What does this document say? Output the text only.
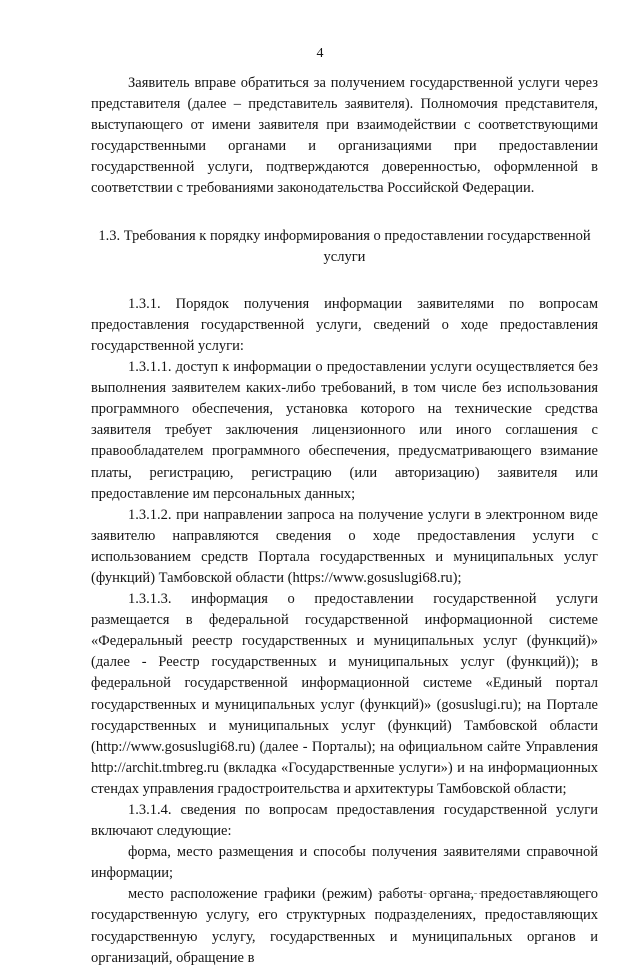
4

Заявитель вправе обратиться за получением государственной услуги через представителя (далее – представитель заявителя). Полномочия представителя, выступающего от имени заявителя при взаимодействии с соответствующими государственными органами и организациями при предоставлении государственной услуги, подтверждаются доверенностью, оформленной в соответствии с требованиями законодательства Российской Федерации.

1.3. Требования к порядку информирования о предоставлении государственной услуги

1.3.1. Порядок получения информации заявителями по вопросам предоставления государственной услуги, сведений о ходе предоставления государственной услуги:

1.3.1.1. доступ к информации о предоставлении услуги осуществляется без выполнения заявителем каких-либо требований, в том числе без использования программного обеспечения, установка которого на технические средства заявителя требует заключения лицензионного или иного соглашения с правообладателем программного обеспечения, предусматривающего взимание платы, регистрацию, регистрацию (или авторизацию) заявителя или предоставление им персональных данных;

1.3.1.2. при направлении запроса на получение услуги в электронном виде заявителю направляются сведения о ходе предоставления услуги с использованием средств Портала государственных и муниципальных услуг (функций) Тамбовской области (https://www.gosuslugi68.ru);

1.3.1.3. информация о предоставлении государственной услуги размещается в федеральной государственной информационной системе «Федеральный реестр государственных и муниципальных услуг (функций)» (далее - Реестр государственных и муниципальных услуг (функций)); в федеральной государственной информационной системе «Единый портал государственных и муниципальных услуг (функций)» (gosuslugi.ru); на Портале государственных и муниципальных услуг (функций) Тамбовской области (http://www.gosuslugi68.ru) (далее - Порталы); на официальном сайте Управления http://archit.tmbreg.ru (вкладка «Государственные услуги») и на информационных стендах управления градостроительства и архитектуры Тамбовской области;

1.3.1.4. сведения по вопросам предоставления государственной услуги включают следующие:

форма, место размещения и способы получения заявителями справочной информации;

место расположение графики (режим) работы органа, предоставляющего государственную услугу, его структурных подразделениях, предоставляющих государственную услугу, государственных и муниципальных органов и организаций, обращение в
